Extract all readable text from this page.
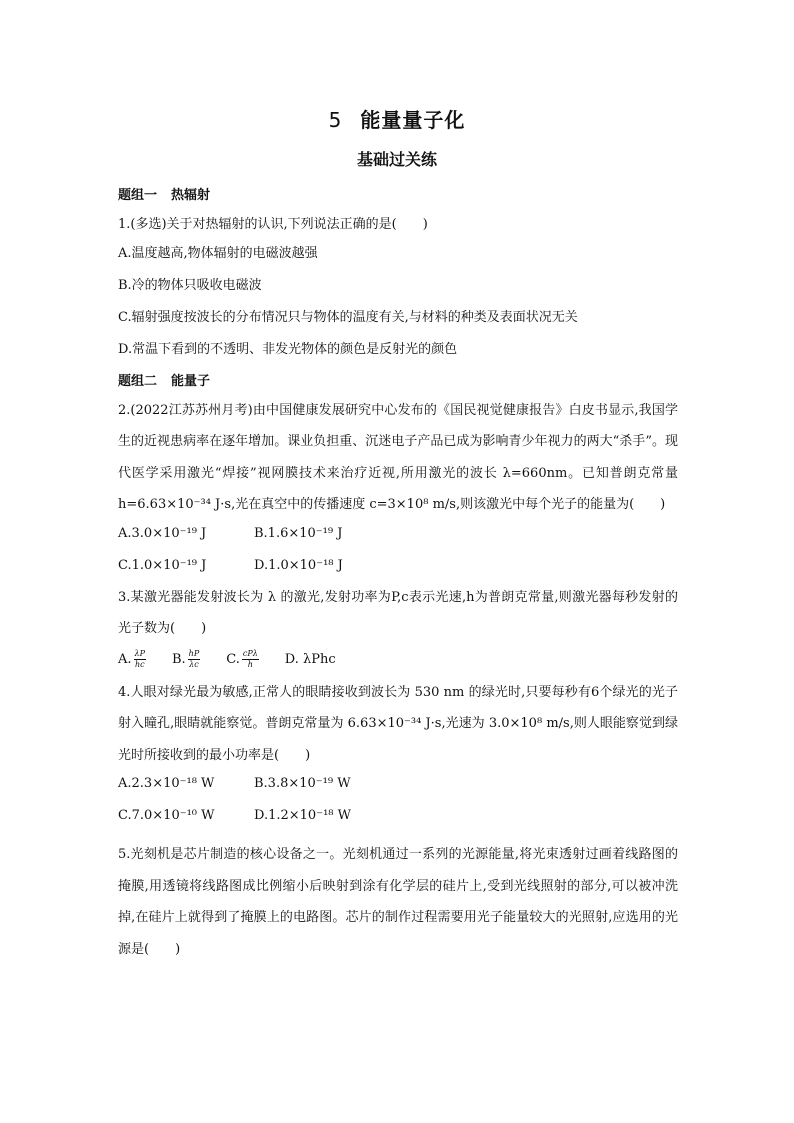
5 能量量子化
基础过关练
题组一 热辐射
1.(多选)关于对热辐射的认识,下列说法正确的是(　　)
A.温度越高,物体辐射的电磁波越强
B.冷的物体只吸收电磁波
C.辐射强度按波长的分布情况只与物体的温度有关,与材料的种类及表面状况无关
D.常温下看到的不透明、非发光物体的颜色是反射光的颜色
题组二 能量子
2.(2022江苏苏州月考)由中国健康发展研究中心发布的《国民视觉健康报告》白皮书显示,我国学生的近视患病率在逐年增加。课业负担重、沉迷电子产品已成为影响青少年视力的两大“杀手”。现代医学采用激光“焊接”视网膜技术来治疗近视,所用激光的波长 λ=660nm。已知普朗克常量 h=6.63×10⁻³⁴ J·s,光在真空中的传播速度 c=3×10⁸ m/s,则该激光中每个光子的能量为(　　)
A.3.0×10⁻¹⁹ J	B.1.6×10⁻¹⁹ J
C.1.0×10⁻¹⁹ J	D.1.0×10⁻¹⁸ J
3.某激光器能发射波长为 λ 的激光,发射功率为P,c表示光速,h为普朗克常量,则激光器每秒发射的光子数为(　　)
A. $\frac{\lambda P}{hc} B$. $\frac{hP}{\lambda c} C$. cPλ
h D. λPhc
4.人眼对绿光最为敏感,正常人的眼睛接收到波长为 530 nm 的绿光时,只要每秒有6个绿光的光子射入瞳孔,眼睛就能察觉。普朗克常量为 6.63×10⁻³⁴ J·s,光速为 3.0×10⁸ m/s,则人眼能察觉到绿光时所接收到的最小功率是(　　)
A.2.3×10⁻¹⁸ W	B.3.8×10⁻¹⁹ W
C.7.0×10⁻¹⁰ W	D.1.2×10⁻¹⁸ W
5.光刻机是芯片制造的核心设备之一。光刻机通过一系列的光源能量,将光束透射过画着线路图的掩膜,用透镜将线路图成比例缩小后映射到涂有化学层的硅片上,受到光线照射的部分,可以被冲洗掉,在硅片上就得到了掩膜上的电路图。芯片的制作过程需要用光子能量较大的光照射,应选用的光源是(　　)
